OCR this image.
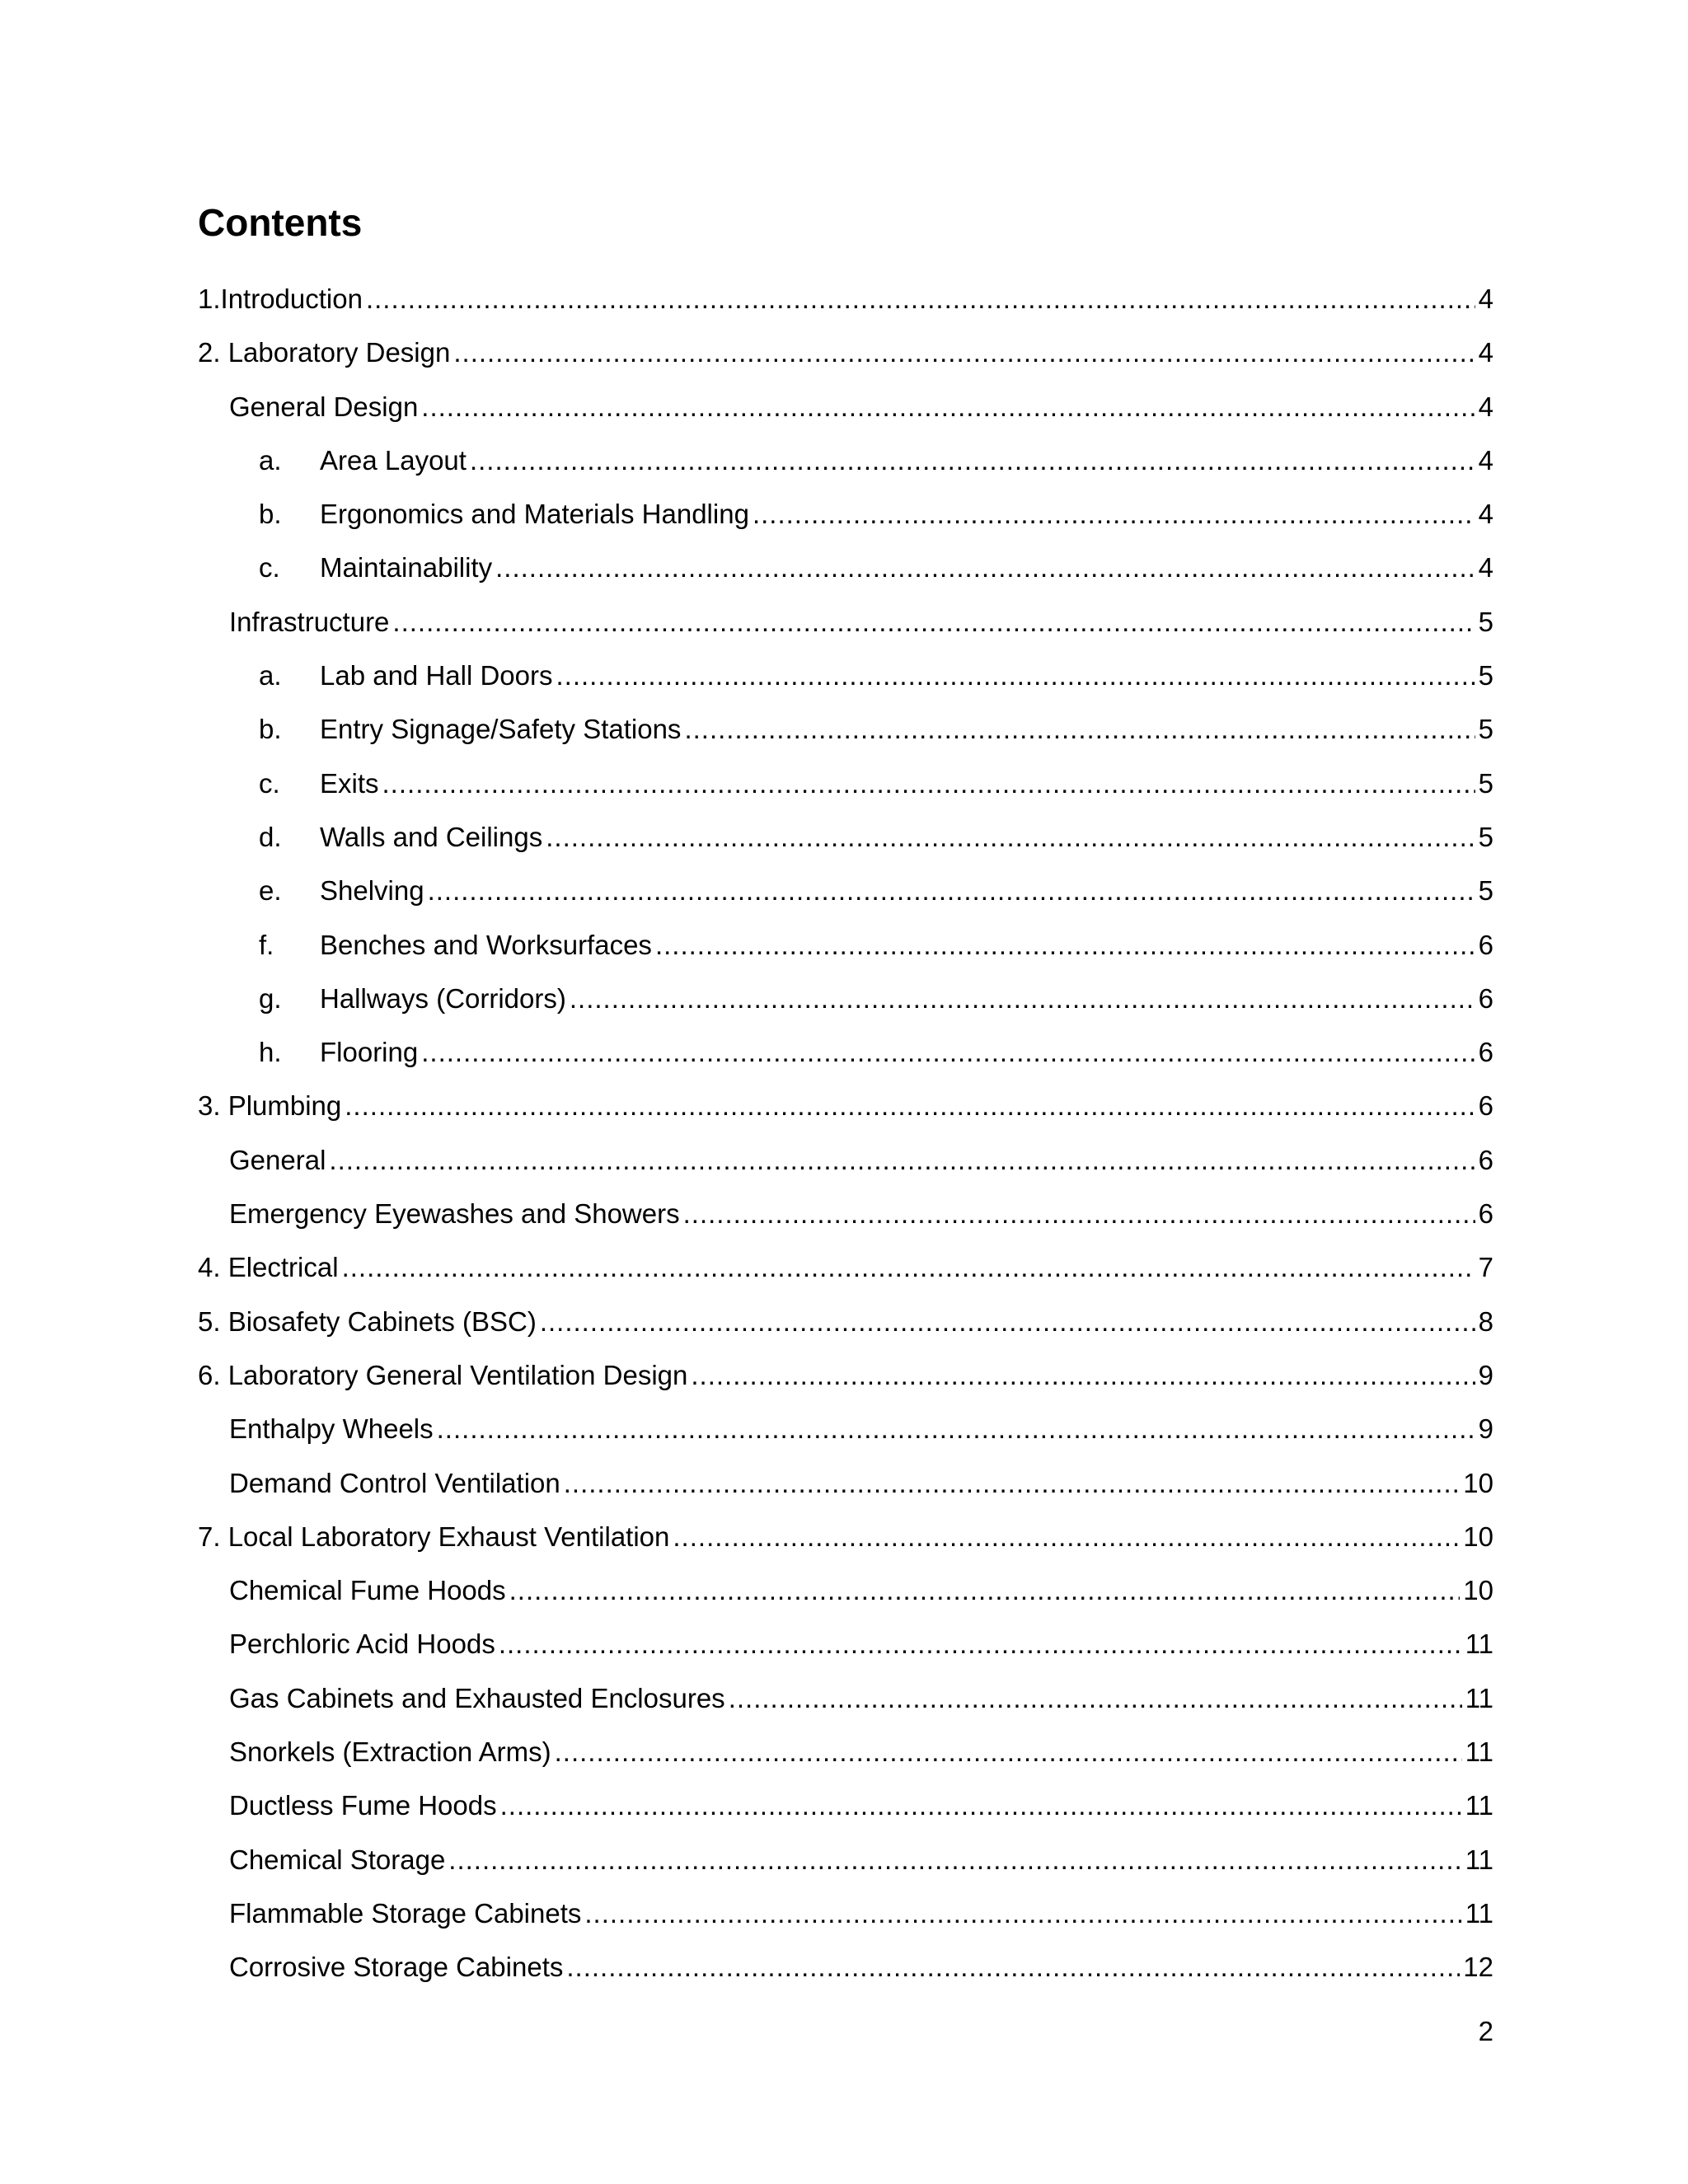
Contents
1.Introduction .....	4
2. Laboratory Design .....	4
General Design .....	4
a.	Area Layout .....	4
b.	Ergonomics and Materials Handling .....	4
c.	Maintainability .....	4
Infrastructure .....	5
a.	Lab and Hall Doors .....	5
b.	Entry Signage/Safety Stations .....	5
c.	Exits .....	5
d.	Walls and Ceilings .....	5
e.	Shelving .....	5
f.	Benches and Worksurfaces .....	6
g.	Hallways (Corridors) .....	6
h.	Flooring .....	6
3. Plumbing .....	6
General .....	6
Emergency Eyewashes and Showers .....	6
4. Electrical .....	7
5. Biosafety Cabinets (BSC) .....	8
6. Laboratory General Ventilation Design .....	9
Enthalpy Wheels .....	9
Demand Control Ventilation .....	10
7. Local Laboratory Exhaust Ventilation .....	10
Chemical Fume Hoods .....	10
Perchloric Acid Hoods .....	11
Gas Cabinets and Exhausted Enclosures .....	11
Snorkels (Extraction Arms) .....	11
Ductless Fume Hoods .....	11
Chemical Storage .....	11
Flammable Storage Cabinets .....	11
Corrosive Storage Cabinets .....	12

2
